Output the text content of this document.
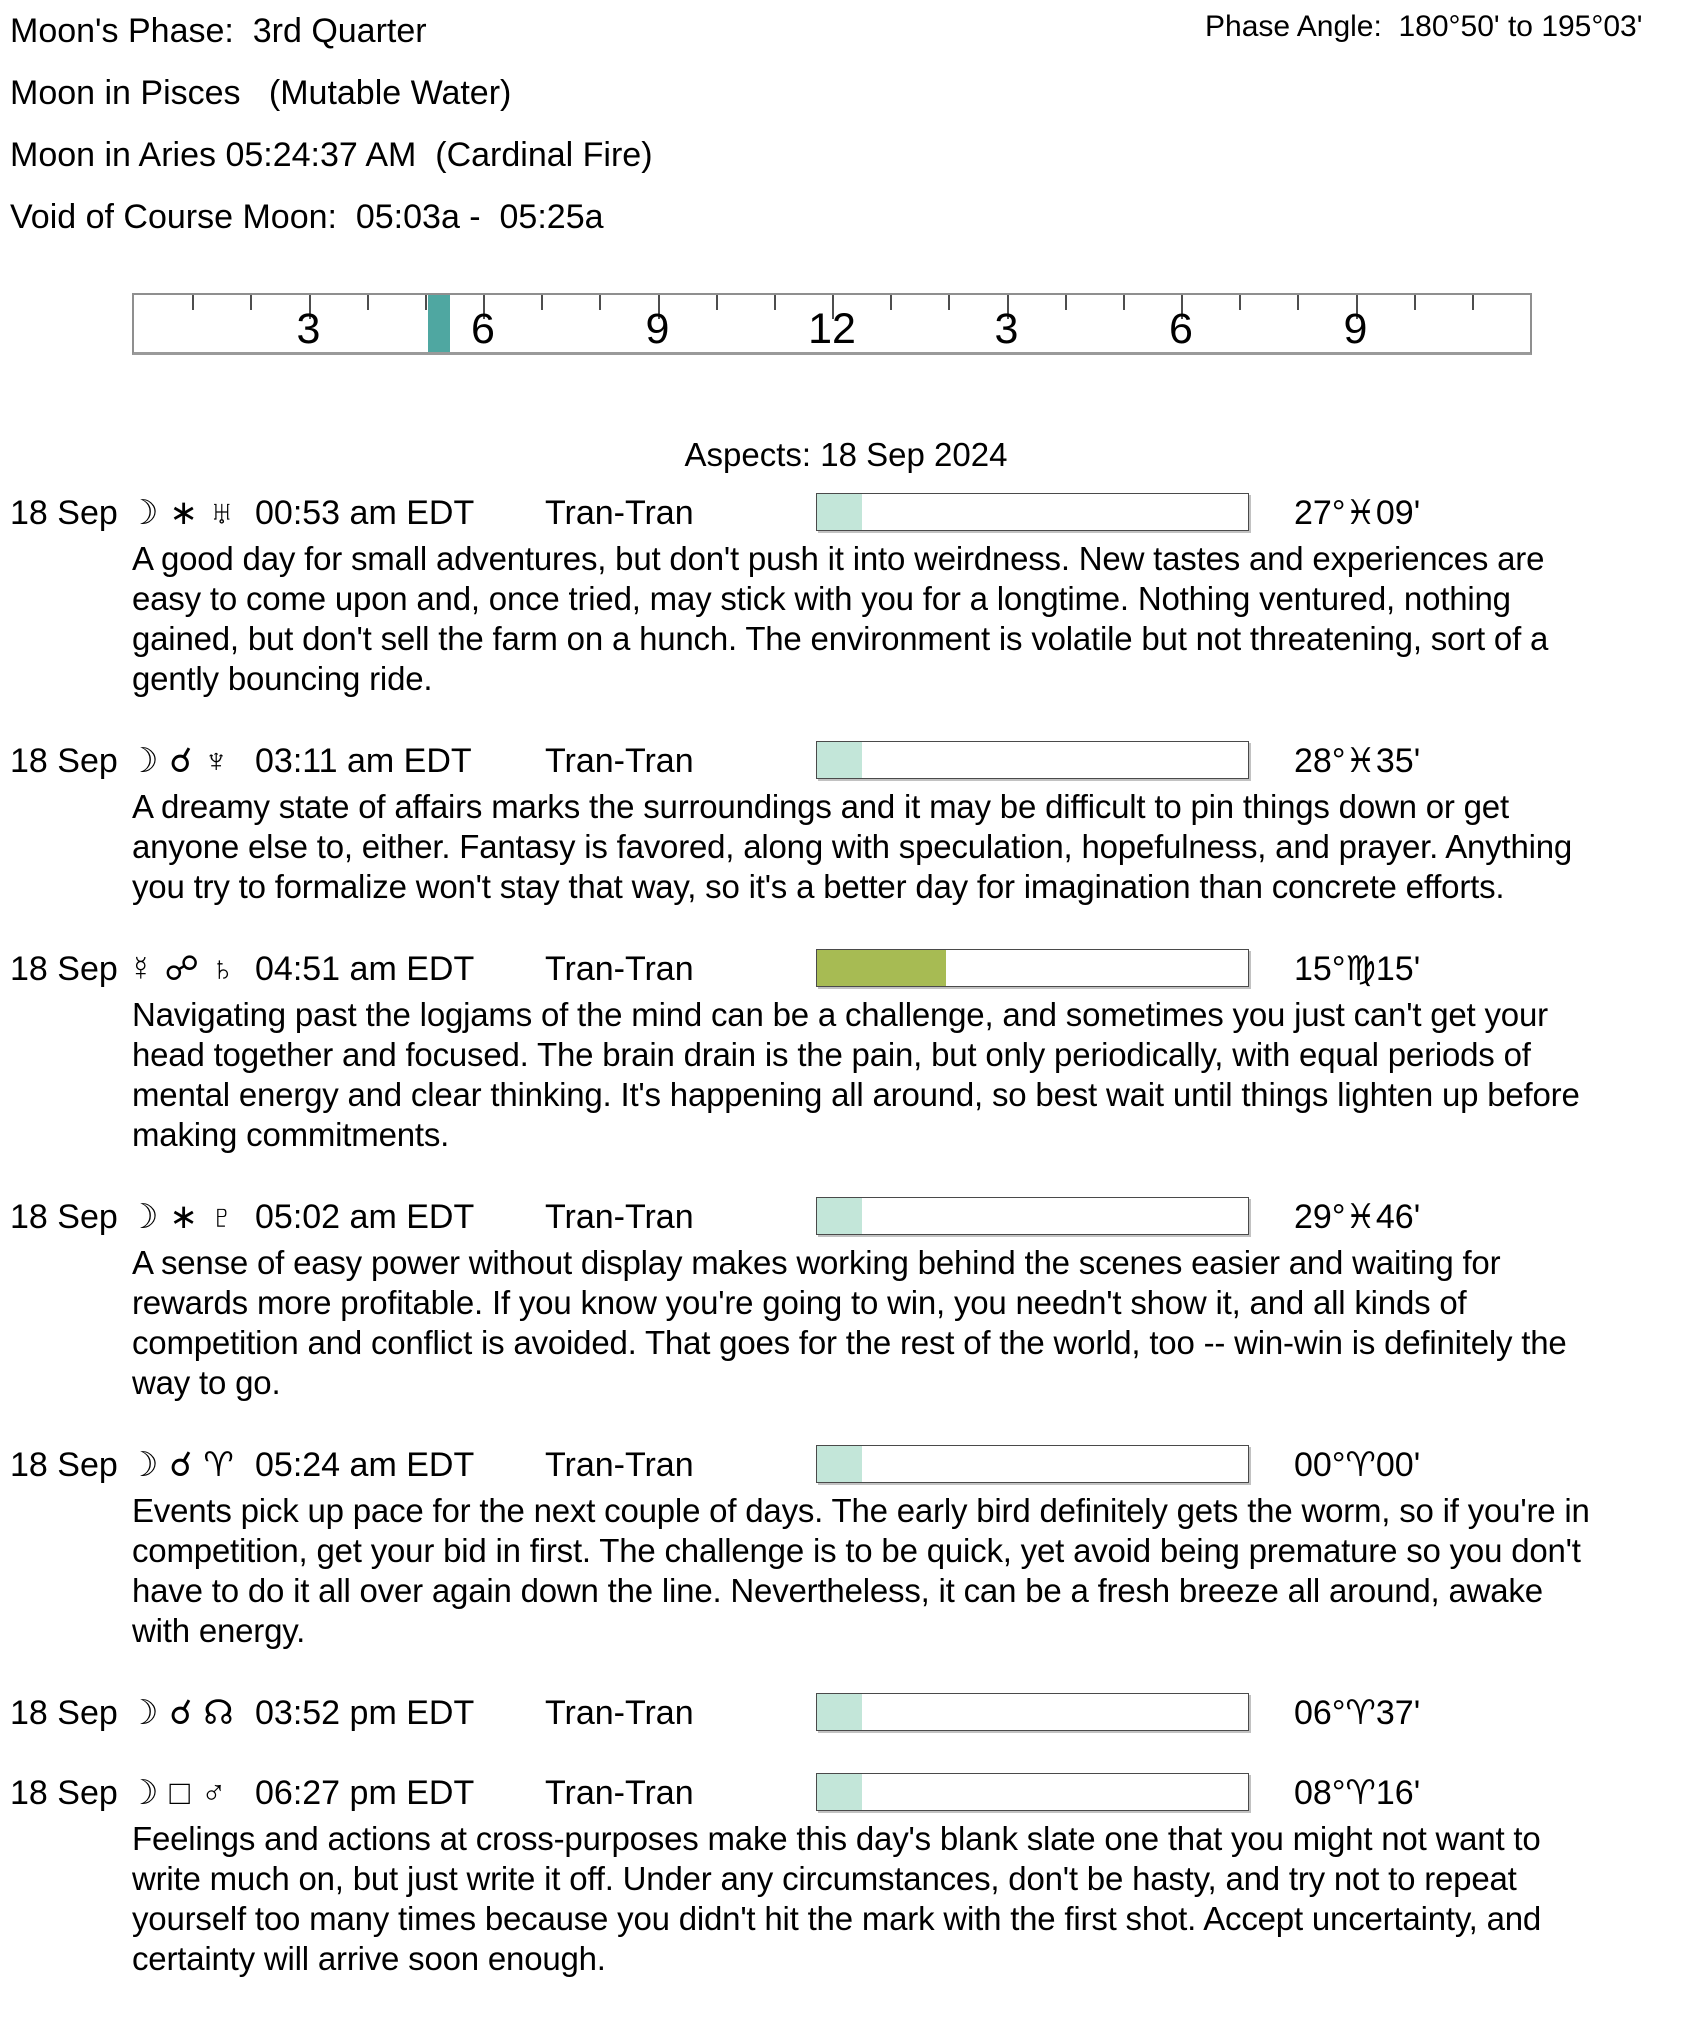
Moon's Phase:  3rd Quarter
Moon in Pisces   (Mutable Water)
Moon in Aries 05:24:37 AM  (Cardinal Fire)
Void of Course Moon:  05:03a -  05:25a
Phase Angle:  180°50' to 195°03'
3	6	9	12	3	6	9
Aspects: 18 Sep 2024
18 Sep ☽ ∗ ♅ 00:53 am EDT Tran-Tran	27°♓09'
A good day for small adventures, but don't push it into weirdness. New tastes and experiences are easy to come upon and, once tried, may stick with you for a longtime. Nothing ventured, nothing gained, but don't sell the farm on a hunch. The environment is volatile but not threatening, sort of a gently bouncing ride.
18 Sep ☽ ☌ ♆ 03:11 am EDT Tran-Tran	28°♓35'
A dreamy state of affairs marks the surroundings and it may be difficult to pin things down or get anyone else to, either. Fantasy is favored, along with speculation, hopefulness, and prayer. Anything you try to formalize won't stay that way, so it's a better day for imagination than concrete efforts.
18 Sep ☿ ☍ ♄ 04:51 am EDT Tran-Tran	15°♍15'
Navigating past the logjams of the mind can be a challenge, and sometimes you just can't get your head together and focused. The brain drain is the pain, but only periodically, with equal periods of mental energy and clear thinking. It's happening all around, so best wait until things lighten up before making commitments.
18 Sep ☽ ∗ ♇ 05:02 am EDT Tran-Tran	29°♓46'
A sense of easy power without display makes working behind the scenes easier and waiting for rewards more profitable. If you know you're going to win, you needn't show it, and all kinds of competition and conflict is avoided. That goes for the rest of the world, too -- win-win is definitely the way to go.
18 Sep ☽ ☌ ♈ 05:24 am EDT Tran-Tran	00°♈00'
Events pick up pace for the next couple of days. The early bird definitely gets the worm, so if you're in competition, get your bid in first. The challenge is to be quick, yet avoid being premature so you don't have to do it all over again down the line. Nevertheless, it can be a fresh breeze all around, awake with energy.
18 Sep ☽ ☌ ☊ 03:52 pm EDT Tran-Tran	06°♈37'
18 Sep ☽ □ ♂ 06:27 pm EDT Tran-Tran	08°♈16'
Feelings and actions at cross-purposes make this day's blank slate one that you might not want to write much on, but just write it off. Under any circumstances, don't be hasty, and try not to repeat yourself too many times because you didn't hit the mark with the first shot. Accept uncertainty, and certainty will arrive soon enough.
